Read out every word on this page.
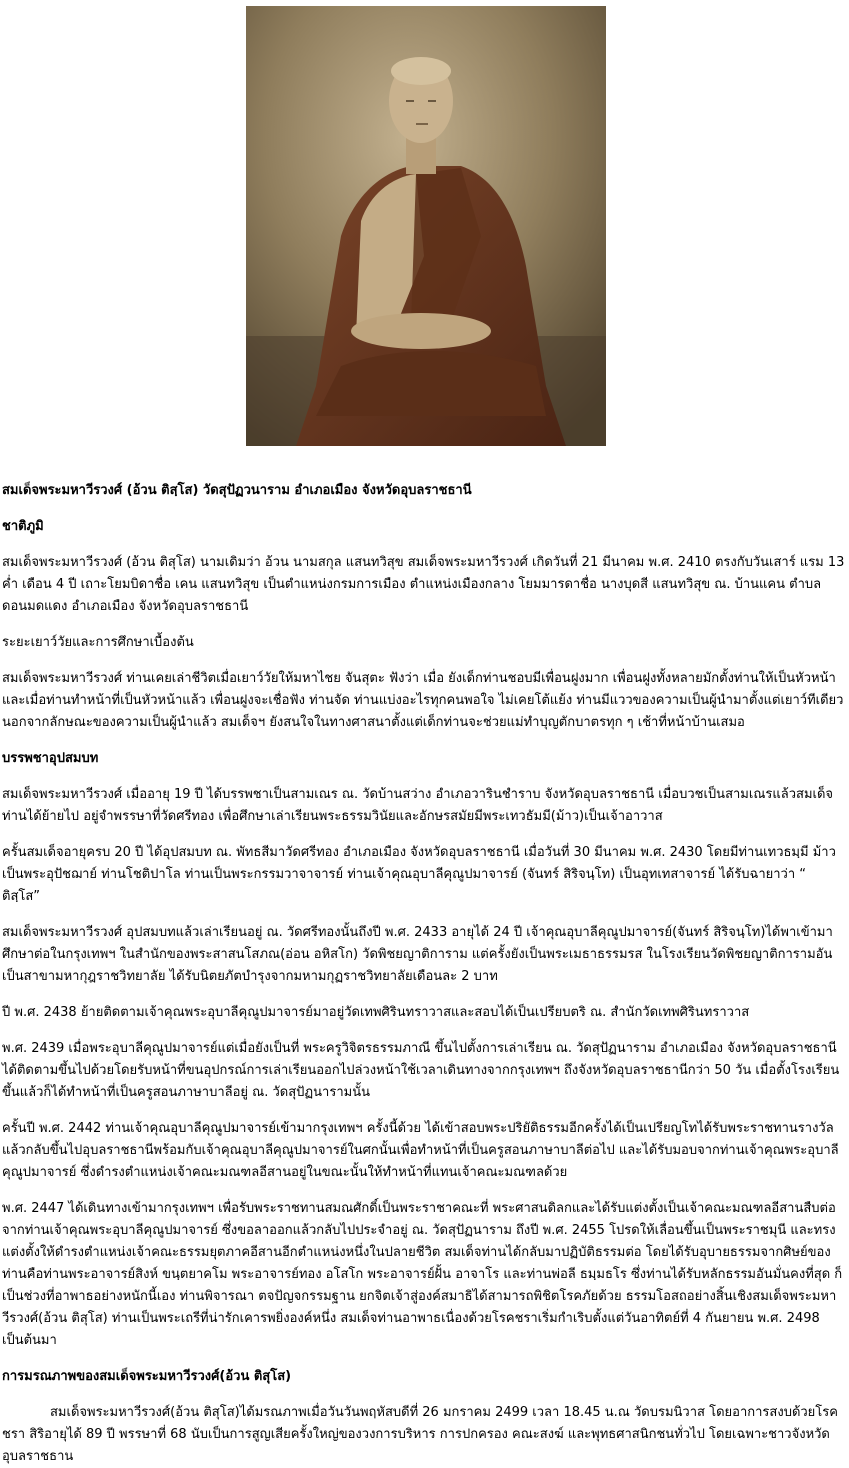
สมเด็จพระมหาวีรวงศ์ (อ้วน ติสฺโส) วัดสุปัฏวนาราม อำเภอเมือง จังหวัดอุบลราชธานี

ชาติภูมิ

สมเด็จพระมหาวีรวงศ์ (อ้วน ติสุโส) นามเดิมว่า อ้วน นามสกุล แสนทวิสุข สมเด็จพระมหาวีรวงศ์ เกิดวันที่ 21 มีนาคม พ.ศ. 2410 ตรงกับวันเสาร์ แรม 13 ค่ำ เดือน 4 ปี เถาะโยมบิดาชื่อ เคน แสนทวิสุข เป็นตำแหน่งกรมการเมือง ตำแหน่งเมืองกลาง โยมมารดาชื่อ นางบุดสี แสนทวิสุข ณ. บ้านแคน ตำบล ดอนมดแดง อำเภอเมือง จังหวัดอุบลราชธานี

ระยะเยาว์วัยและการศึกษาเบื้องต้น

สมเด็จพระมหาวีรวงศ์ ท่านเคยเล่าชีวิตเมื่อเยาว์วัยให้มหาไชย จันสุตะ ฟังว่า เมื่อ ยังเด็กท่านชอบมีเพื่อนฝูงมาก เพื่อนฝูงทั้งหลายมักตั้งท่านให้เป็นหัวหน้า และเมื่อท่านทำหน้าที่เป็นหัวหน้าแล้ว เพื่อนฝูงจะเชื่อฟัง ท่านจัด ท่านแบ่งอะไรทุกคนพอใจ ไม่เคยโต้แย้ง ท่านมีแววของความเป็นผู้นำมาตั้งแต่เยาว์ทีเดียว นอกจากลักษณะของความเป็นผู้นำแล้ว สมเด็จฯ ยังสนใจในทางศาสนาตั้งแต่เด็กท่านจะช่วยแม่ทำบุญตักบาตรทุก ๆ เช้าที่หน้าบ้านเสมอ

บรรพชาอุปสมบท

สมเด็จพระมหาวีรวงศ์ เมื่ออายุ 19 ปี ได้บรรพชาเป็นสามเณร ณ. วัดบ้านสว่าง อำเภอวารินชำราบ จังหวัดอุบลราชธานี เมื่อบวชเป็นสามเณรแล้วสมเด็จท่านได้ย้ายไป อยู่จำพรรษาที่วัดศรีทอง เพื่อศึกษาเล่าเรียนพระธรรมวินัยและอักษรสมัยมีพระเทวธัมมี(ม้าว)เป็นเจ้าอาวาส

ครั้นสมเด็จอายุครบ 20 ปี ได้อุปสมบท ณ. พัทธสีมาวัดศรีทอง อำเภอเมือง จังหวัดอุบลราชธานี เมื่อวันที่ 30 มีนาคม พ.ศ. 2430 โดยมีท่านเทวธมฺมี ม้าว เป็นพระอุปัชฌาย์ ท่านโชติปาโล ท่านเป็นพระกรรมวาจาจารย์ ท่านเจ้าคุณอุบาลีคุณูปมาจารย์ (จันทร์ สิริจนฺโท) เป็นอุทเทสาจารย์ ได้รับฉายาว่า “ ติสฺโส”

สมเด็จพระมหาวีรวงศ์ อุปสมบทแล้วเล่าเรียนอยู่ ณ. วัดศรีทองนั้นถึงปี พ.ศ. 2433 อายุได้ 24 ปี เจ้าคุณอุบาลีคุณูปมาจารย์(จันทร์ สิริจนฺโท)ได้พาเข้ามาศึกษาต่อในกรุงเทพฯ ในสำนักของพระสาสนโสภณ(อ่อน อหิสโก) วัดพิชยญาติการาม แต่ครั้งยังเป็นพระเมธาธรรมรส ในโรงเรียนวัดพิชยญาติการามอันเป็นสาขามหากุฎราชวิทยาลัย ได้รับนิตยภัตบำรุงจากมหามกุฏราชวิทยาลัยเดือนละ 2 บาท

ปี พ.ศ. 2438 ย้ายติดตามเจ้าคุณพระอุบาลีคุณูปมาจารย์มาอยู่วัดเทพศิรินทราวาสและสอบได้เป็นเปรียบตริ ณ. สำนักวัดเทพศิรินทราวาส

พ.ศ. 2439 เมื่อพระอุบาลีคุณูปมาจารย์แต่เมื่อยังเป็นที่ พระครูวิจิตรธรรมภาณี ขึ้นไปตั้งการเล่าเรียน ณ. วัดสุปัฏนาราม อำเภอเมือง จังหวัดอุบลราชธานี ได้ติดตามขึ้นไปด้วยโดยรับหน้าที่ขนอุปกรณ์การเล่าเรียนออกไปล่วงหน้าใช้เวลาเดินทางจากกรุงเทพฯ ถึงจังหวัดอุบลราชธานีกว่า 50 วัน เมื่อตั้งโรงเรียนขึ้นแล้วก็ได้ทำหน้าที่เป็นครูสอนภาษาบาลีอยู่ ณ. วัดสุปัฏนารามนั้น

ครั้นปี พ.ศ. 2442 ท่านเจ้าคุณอุบาลีคุณูปมาจารย์เข้ามากรุงเทพฯ ครั้งนี้ด้วย ได้เข้าสอบพระปริยัติธรรมอีกครั้งได้เป็นเปรียญโทได้รับพระราชทานรางวัลแล้วกลับขึ้นไปอุบลราชธานีพร้อมกับเจ้าคุณอุบาลีคุณูปมาจารย์ในศกนั้นเพื่อทำหน้าที่เป็นครูสอนภาษาบาลีต่อไป และได้รับมอบจากท่านเจ้าคุณพระอุบาลีคุณูปมาจารย์ ซึ่งดำรงตำแหน่งเจ้าคณะมณฑลอีสานอยู่ในขณะนั้นให้ทำหน้าที่แทนเจ้าคณะมณฑลด้วย

พ.ศ. 2447 ได้เดินทางเข้ามากรุงเทพฯ เพื่อรับพระราชทานสมณศักดิ์เป็นพระราชาคณะที่ พระศาสนดิลกและได้รับแต่งตั้งเป็นเจ้าคณะมณฑลอีสานสืบต่อจากท่านเจ้าคุณพระอุบาลีคุณูปมาจารย์ ซึ่งขอลาออกแล้วกลับไปประจำอยู่ ณ. วัดสุปัฏนาราม ถึงปี พ.ศ. 2455 โปรดให้เลื่อนขึ้นเป็นพระราชมุนี และทรงแต่งตั้งให้ดำรงตำแหน่งเจ้าคณะธรรมยุตภาคอีสานอีกตำแหน่งหนึ่งในปลายชีวิต สมเด็จท่านได้กลับมาปฏิบัติธรรมต่อ โดยได้รับอุบายธรรมจากศิษย์ของท่านคือท่านพระอาจารย์สิงห์ ขนฺตยาคโม พระอาจารย์ทอง อโสโก พระอาจารย์ฝั้น อาจาโร และท่านพ่อลี ธมฺมธโร ซึ่งท่านได้รับหลักธรรมอันมั่นคงที่สุด ก็เป็นช่วงที่อาพาธอย่างหนักนี้เอง ท่านพิจารณา ตจปัญจกรรมฐาน ยกจิตเจ้าสู่องค์สมาธิได้สามารถพิชิตโรคภัยด้วย ธรรมโอสถอย่างสิ้นเชิงสมเด็จพระมหาวีรวงศ์(อ้วน ติสุโส) ท่านเป็นพระเถรีที่น่ารักเคารพยิ่งองค์หนึ่ง สมเด็จท่านอาพาธเนื่องด้วยโรคชราเริ่มกำเริบตั้งแต่วันอาทิตย์ที่ 4 กันยายน พ.ศ. 2498 เป็นต้นมา

การมรณภาพของสมเด็จพระมหาวีรวงศ์(อ้วน ติสุโส)

สมเด็จพระมหาวีรวงศ์(อ้วน ติสุโส)ได้มรณภาพเมื่อวันวันพฤหัสบดีที่ 26 มกราคม 2499 เวลา 18.45 น.ณ วัดบรมนิวาส โดยอาการสงบด้วยโรคชรา สิริอายุได้ 89 ปี พรรษาที่ 68 นับเป็นการสูญเสียครั้งใหญ่ของวงการบริหาร การปกครอง คณะสงฆ์ และพุทธศาสนิกชนทั่วไป โดยเฉพาะชาวจังหวัดอุบลราชธาน
